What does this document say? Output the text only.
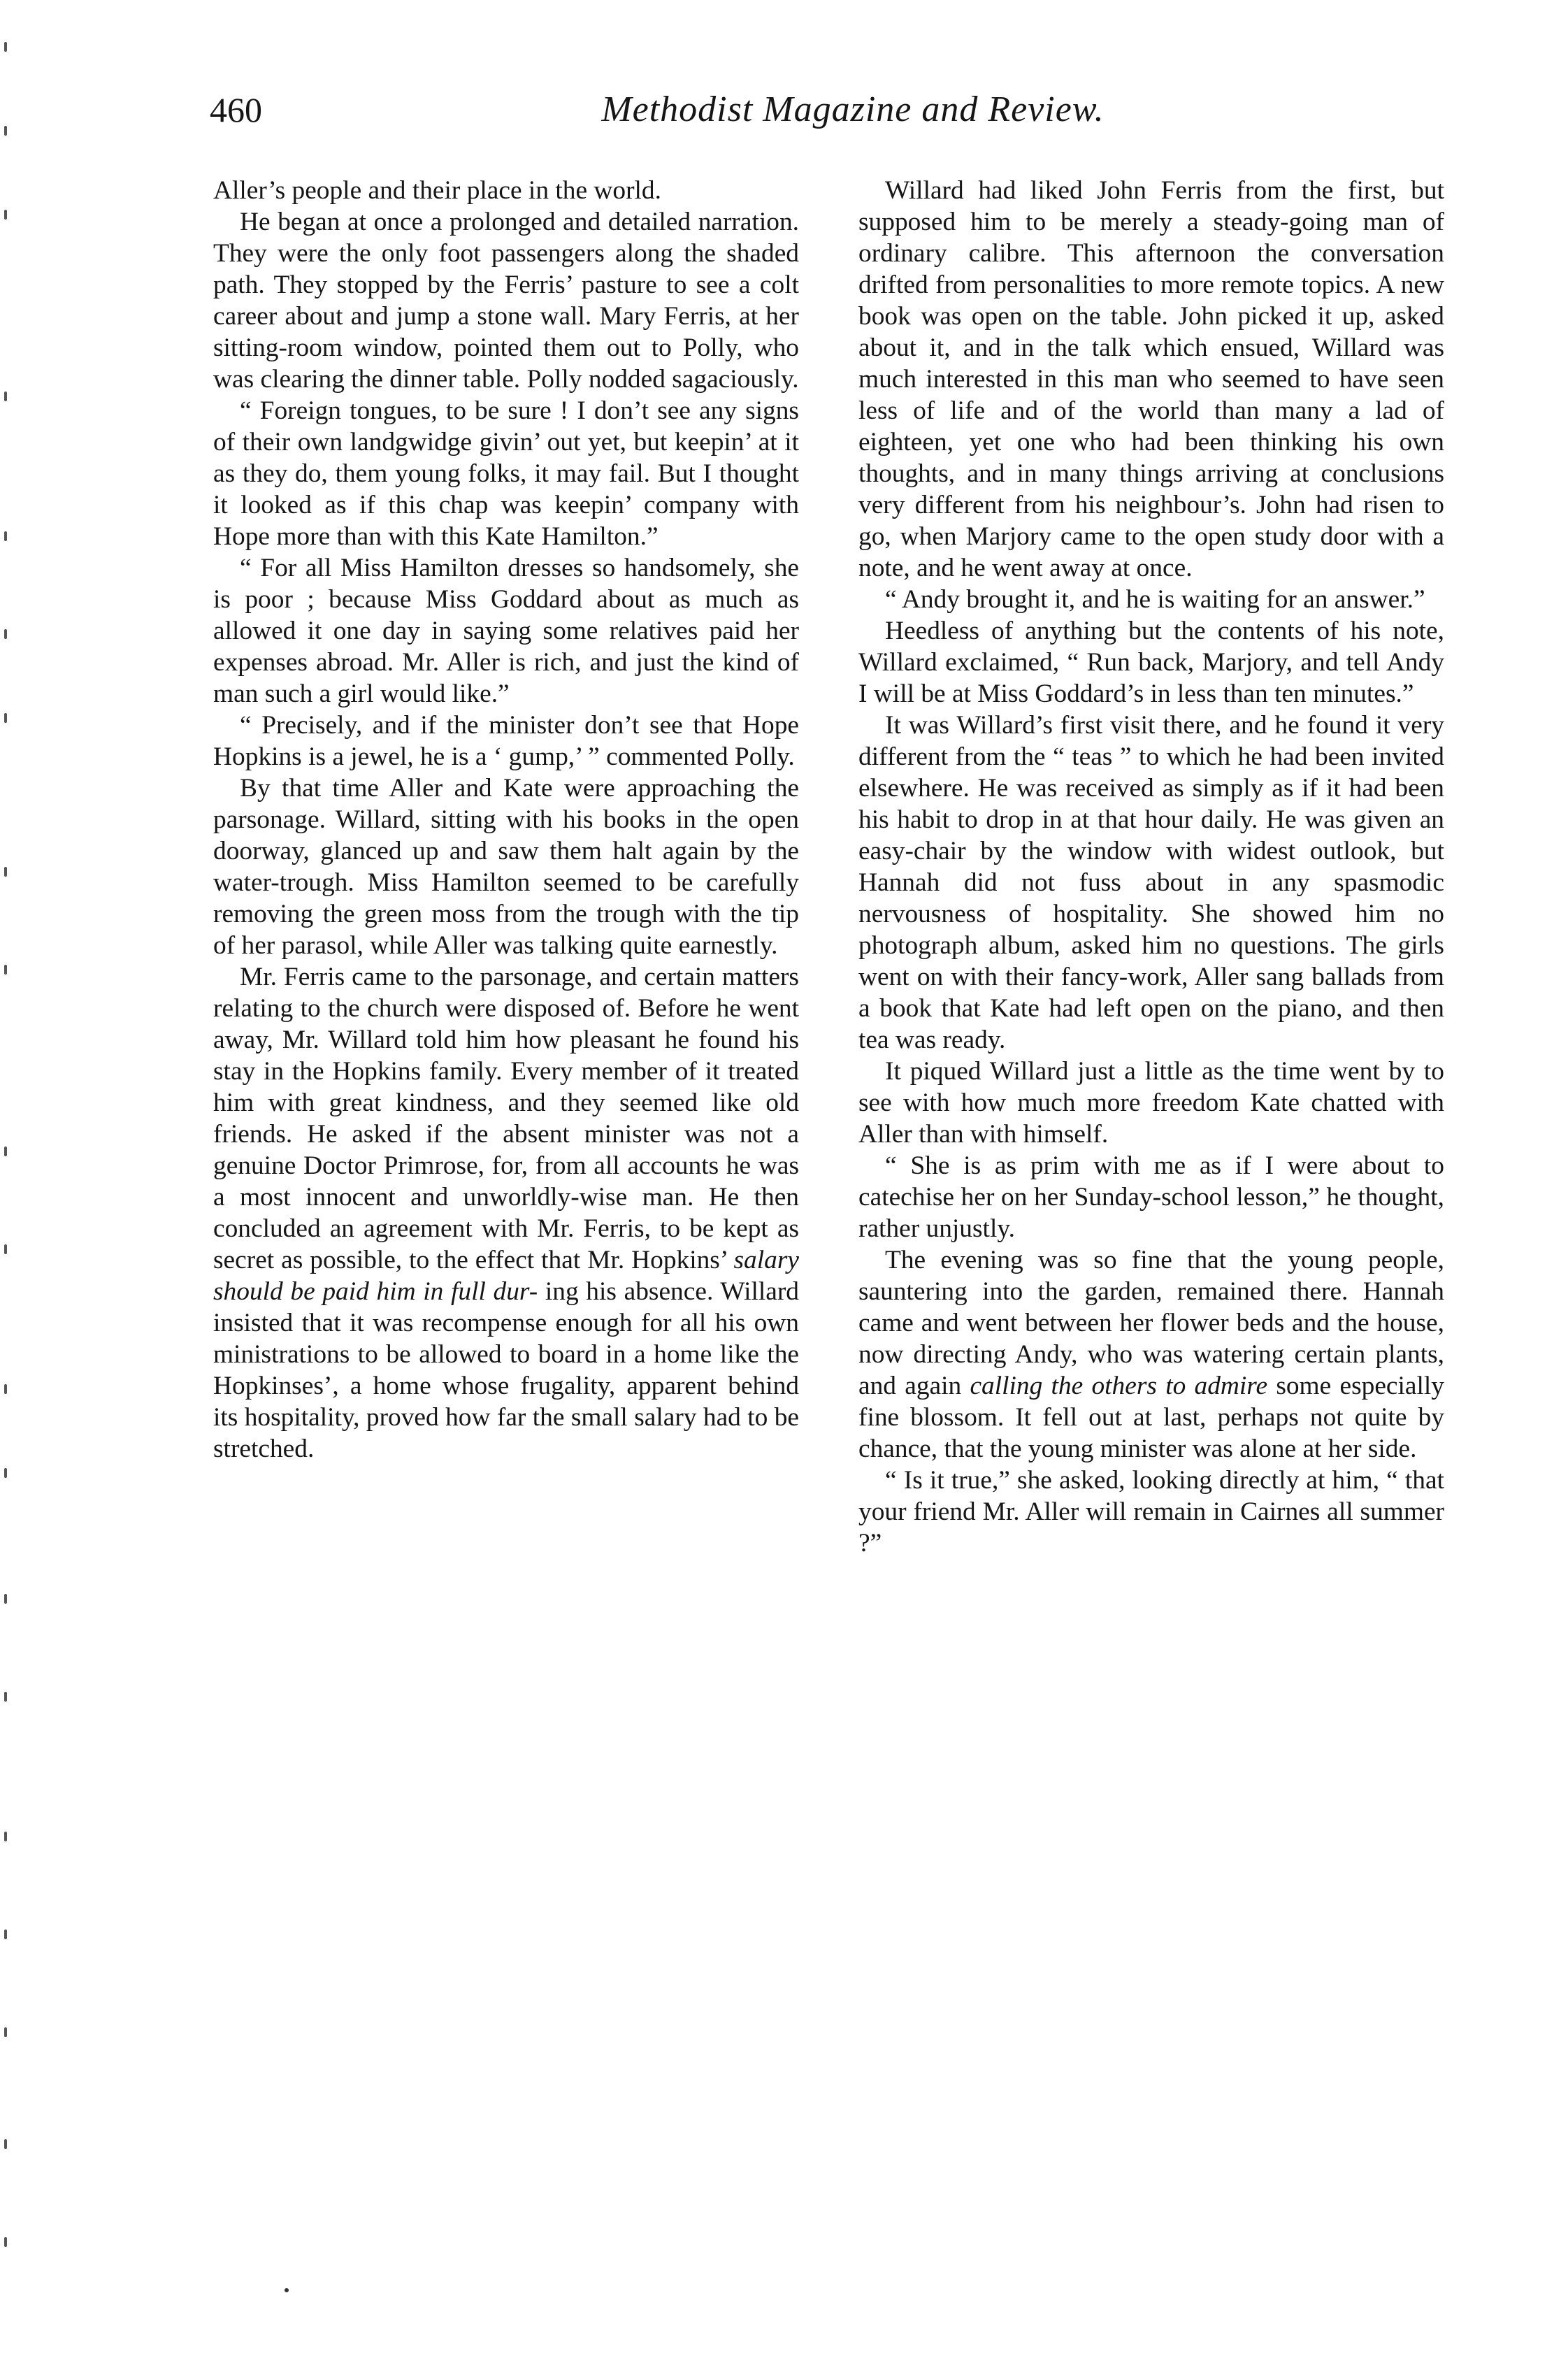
460	Methodist Magazine and Review.

Aller’s people and their place in the world.

He began at once a prolonged and detailed narration. They were the only foot passengers along the shaded path. They stopped by the Ferris’ pasture to see a colt career about and jump a stone wall. Mary Ferris, at her sitting-room window, pointed them out to Polly, who was clearing the dinner table. Polly nodded sagaciously.

“ Foreign tongues, to be sure ! I don’t see any signs of their own landgwidge givin’ out yet, but keepin’ at it as they do, them young folks, it may fail. But I thought it looked as if this chap was keepin’ company with Hope more than with this Kate Hamilton.”

“ For all Miss Hamilton dresses so handsomely, she is poor ; because Miss Goddard about as much as allowed it one day in saying some relatives paid her expenses abroad. Mr. Aller is rich, and just the kind of man such a girl would like.”

“ Precisely, and if the minister don’t see that Hope Hopkins is a jewel, he is a ‘ gump,’ ” commented Polly.

By that time Aller and Kate were approaching the parsonage. Willard, sitting with his books in the open doorway, glanced up and saw them halt again by the water-trough. Miss Hamilton seemed to be carefully removing the green moss from the trough with the tip of her parasol, while Aller was talking quite earnestly.

Mr. Ferris came to the parsonage, and certain matters relating to the church were disposed of. Before he went away, Mr. Willard told him how pleasant he found his stay in the Hopkins family. Every member of it treated him with great kindness, and they seemed like old friends. He asked if the absent minister was not a genuine Doctor Primrose, for, from all accounts he was a most innocent and unworldly-wise man. He then concluded an agreement with Mr. Ferris, to be kept as secret as possible, to the effect that Mr. Hopkins’ salary should be paid him in full dur- ing his absence. Willard insisted that it was recompense enough for all his own ministrations to be allowed to board in a home like the Hopkinses’, a home whose frugality, apparent behind its hospitality, proved how far the small salary had to be stretched.

Willard had liked John Ferris from the first, but supposed him to be merely a steady-going man of ordinary calibre. This afternoon the conversation drifted from personalities to more remote topics. A new book was open on the table. John picked it up, asked about it, and in the talk which ensued, Willard was much interested in this man who seemed to have seen less of life and of the world than many a lad of eighteen, yet one who had been thinking his own thoughts, and in many things arriving at conclusions very different from his neighbour’s. John had risen to go, when Marjory came to the open study door with a note, and he went away at once.

“ Andy brought it, and he is waiting for an answer.”

Heedless of anything but the contents of his note, Willard exclaimed, “ Run back, Marjory, and tell Andy I will be at Miss Goddard’s in less than ten minutes.”

It was Willard’s first visit there, and he found it very different from the “ teas ” to which he had been invited elsewhere. He was received as simply as if it had been his habit to drop in at that hour daily. He was given an easy-chair by the window with widest outlook, but Hannah did not fuss about in any spasmodic nervousness of hospitality. She showed him no photograph album, asked him no questions. The girls went on with their fancy-work, Aller sang ballads from a book that Kate had left open on the piano, and then tea was ready.

It piqued Willard just a little as the time went by to see with how much more freedom Kate chatted with Aller than with himself.

“ She is as prim with me as if I were about to catechise her on her Sunday-school lesson,” he thought, rather unjustly.

The evening was so fine that the young people, sauntering into the garden, remained there. Hannah came and went between her flower beds and the house, now directing Andy, who was watering certain plants, and again calling the others to admire some especially fine blossom. It fell out at last, perhaps not quite by chance, that the young minister was alone at her side.

“ Is it true,” she asked, looking directly at him, “ that your friend Mr. Aller will remain in Cairnes all summer ?”
